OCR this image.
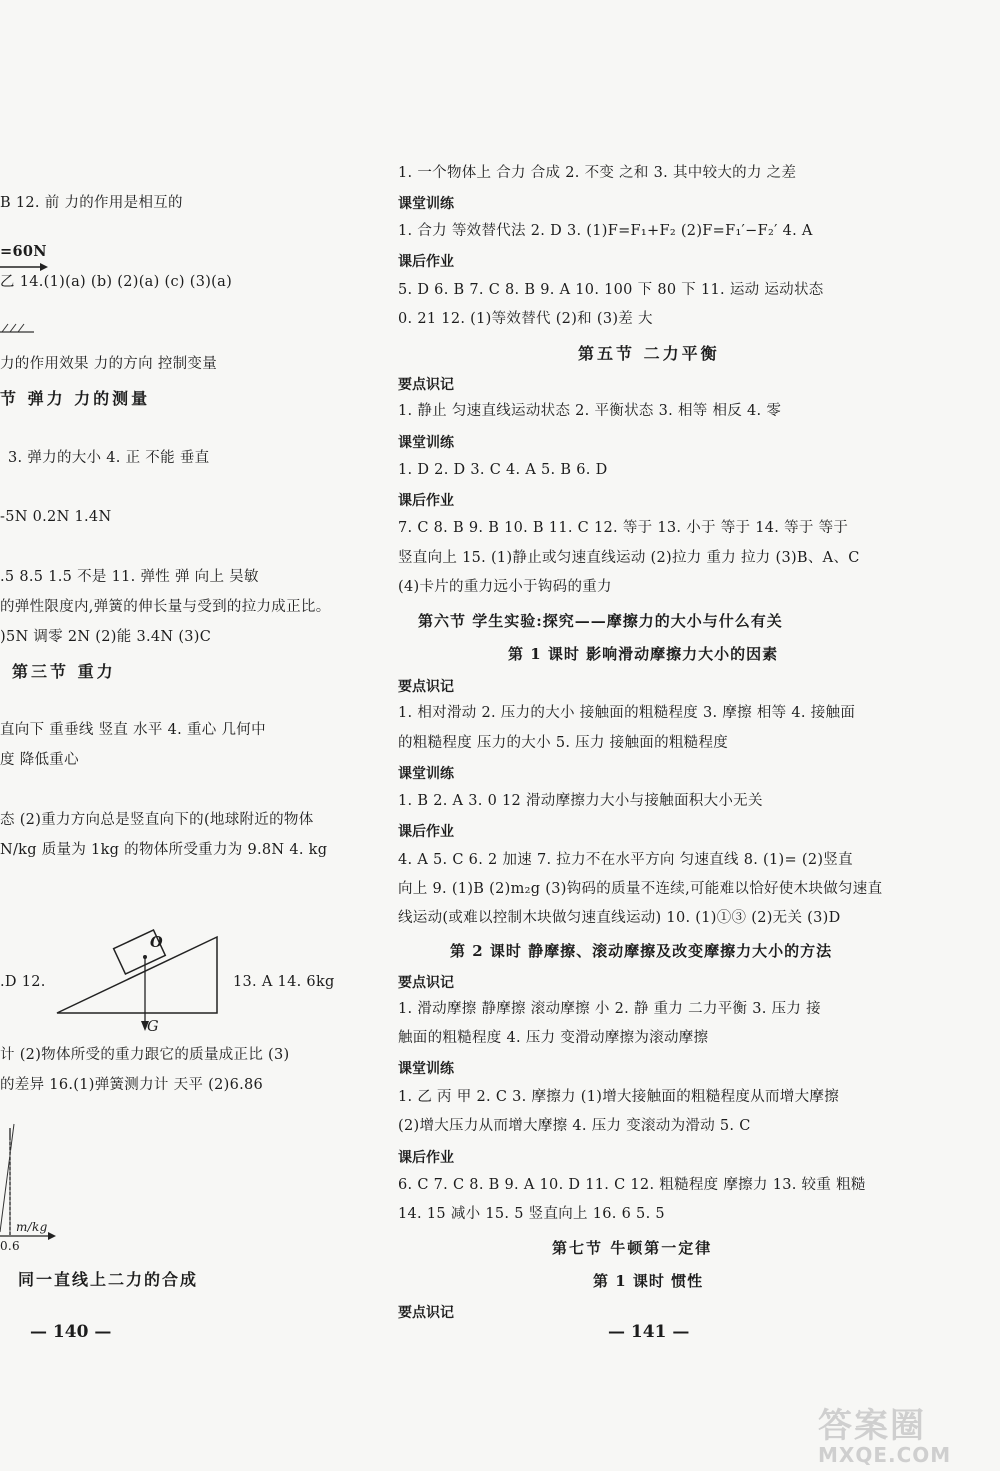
B 12. 前 力的作用是相互的
=60N
乙 14.(1)(a) (b) (2)(a) (c) (3)(a)
力的作用效果 力的方向 控制变量
节 弹力 力的测量
3. 弹力的大小 4. 正 不能 垂直
-5N 0.2N 1.4N
.5 8.5 1.5 不是 11. 弹性 弹 向上 吴敏
的弹性限度内,弹簧的伸长量与受到的拉力成正比。
)5N 调零 2N (2)能 3.4N (3)C
第三节 重力
直向下 重垂线 竖直 水平 4. 重心 几何中
度 降低重心
态 (2)重力方向总是竖直向下的(地球附近的物体
N/kg 质量为 1kg 的物体所受重力为 9.8N 4. kg
.D 12.
O
G
13. A 14. 6kg
计 (2)物体所受的重力跟它的质量成正比 (3)
的差异 16.(1)弹簧测力计 天平 (2)6.86
m/kg
0.6
同一直线上二力的合成
— 140 —
1. 一个物体上 合力 合成 2. 不变 之和 3. 其中较大的力 之差
课堂训练
1. 合力 等效替代法 2. D 3. (1)F=F₁+F₂ (2)F=F₁′−F₂′ 4. A
课后作业
5. D 6. B 7. C 8. B 9. A 10. 100 下 80 下 11. 运动 运动状态
0. 21 12. (1)等效替代 (2)和 (3)差 大
第五节 二力平衡
要点识记
1. 静止 匀速直线运动状态 2. 平衡状态 3. 相等 相反 4. 零
课堂训练
1. D 2. D 3. C 4. A 5. B 6. D
课后作业
7. C 8. B 9. B 10. B 11. C 12. 等于 13. 小于 等于 14. 等于 等于
竖直向上 15. (1)静止或匀速直线运动 (2)拉力 重力 拉力 (3)B、A、C
(4)卡片的重力远小于钩码的重力
第六节 学生实验:探究——摩擦力的大小与什么有关
第 1 课时 影响滑动摩擦力大小的因素
要点识记
1. 相对滑动 2. 压力的大小 接触面的粗糙程度 3. 摩擦 相等 4. 接触面
的粗糙程度 压力的大小 5. 压力 接触面的粗糙程度
课堂训练
1. B 2. A 3. 0 12 滑动摩擦力大小与接触面积大小无关
课后作业
4. A 5. C 6. 2 加速 7. 拉力不在水平方向 匀速直线 8. (1)= (2)竖直
向上 9. (1)B (2)m₂g (3)钩码的质量不连续,可能难以恰好使木块做匀速直
线运动(或难以控制木块做匀速直线运动) 10. (1)①③ (2)无关 (3)D
第 2 课时 静摩擦、滚动摩擦及改变摩擦力大小的方法
要点识记
1. 滑动摩擦 静摩擦 滚动摩擦 小 2. 静 重力 二力平衡 3. 压力 接
触面的粗糙程度 4. 压力 变滑动摩擦为滚动摩擦
课堂训练
1. 乙 丙 甲 2. C 3. 摩擦力 (1)增大接触面的粗糙程度从而增大摩擦
(2)增大压力从而增大摩擦 4. 压力 变滚动为滑动 5. C
课后作业
6. C 7. C 8. B 9. A 10. D 11. C 12. 粗糙程度 摩擦力 13. 较重 粗糙
14. 15 减小 15. 5 竖直向上 16. 6 5. 5
第七节 牛顿第一定律
第 1 课时 惯性
要点识记
— 141 —
答案圈
MXQE.COM
